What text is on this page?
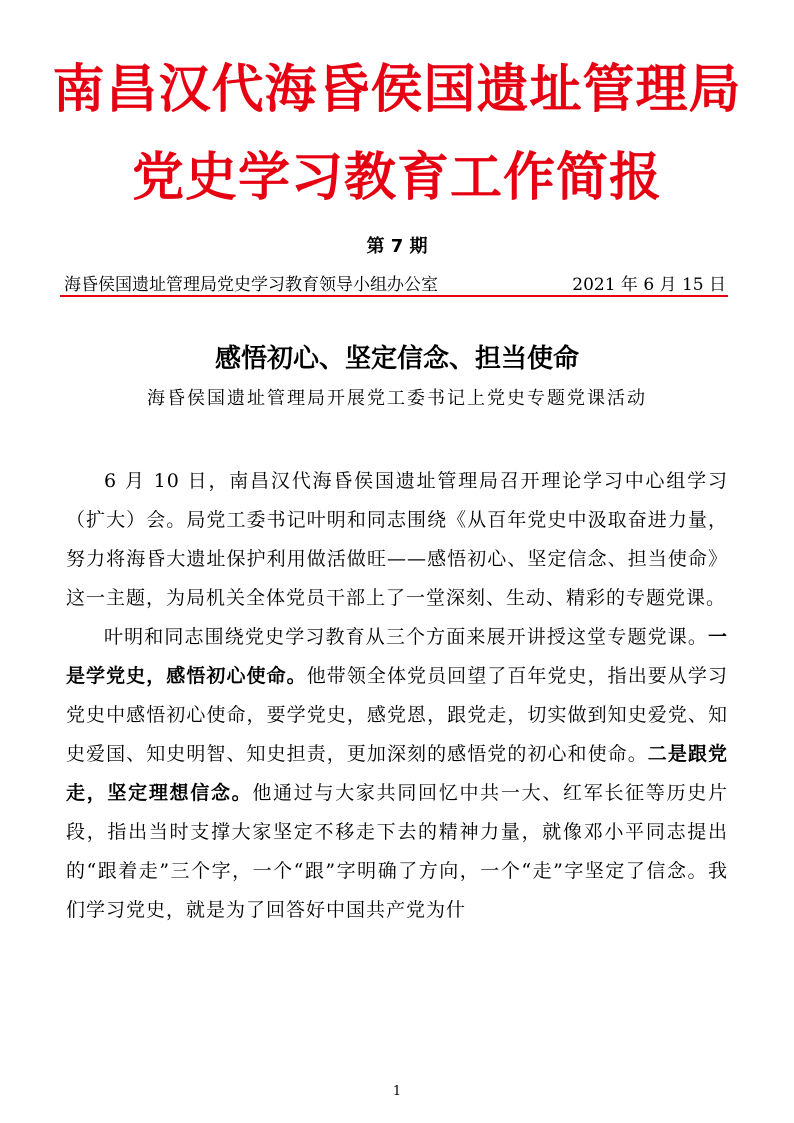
南昌汉代海昏侯国遗址管理局
党史学习教育工作简报
第 7 期
海昏侯国遗址管理局党史学习教育领导小组办公室	2021 年 6 月 15 日
感悟初心、坚定信念、担当使命
海昏侯国遗址管理局开展党工委书记上党史专题党课活动

6 月 10 日，南昌汉代海昏侯国遗址管理局召开理论学习中心组学习（扩大）会。局党工委书记叶明和同志围绕《从百年党史中汲取奋进力量，努力将海昏大遗址保护利用做活做旺——感悟初心、坚定信念、担当使命》这一主题，为局机关全体党员干部上了一堂深刻、生动、精彩的专题党课。

叶明和同志围绕党史学习教育从三个方面来展开讲授这堂专题党课。一是学党史，感悟初心使命。他带领全体党员回望了百年党史，指出要从学习党史中感悟初心使命，要学党史，感党恩，跟党走，切实做到知史爱党、知史爱国、知史明智、知史担责，更加深刻的感悟党的初心和使命。二是跟党走，坚定理想信念。他通过与大家共同回忆中共一大、红军长征等历史片段，指出当时支撑大家坚定不移走下去的精神力量，就像邓小平同志提出的“跟着走”三个字，一个“跟”字明确了方向，一个“走”字坚定了信念。我们学习党史，就是为了回答好中国共产党为什

1
